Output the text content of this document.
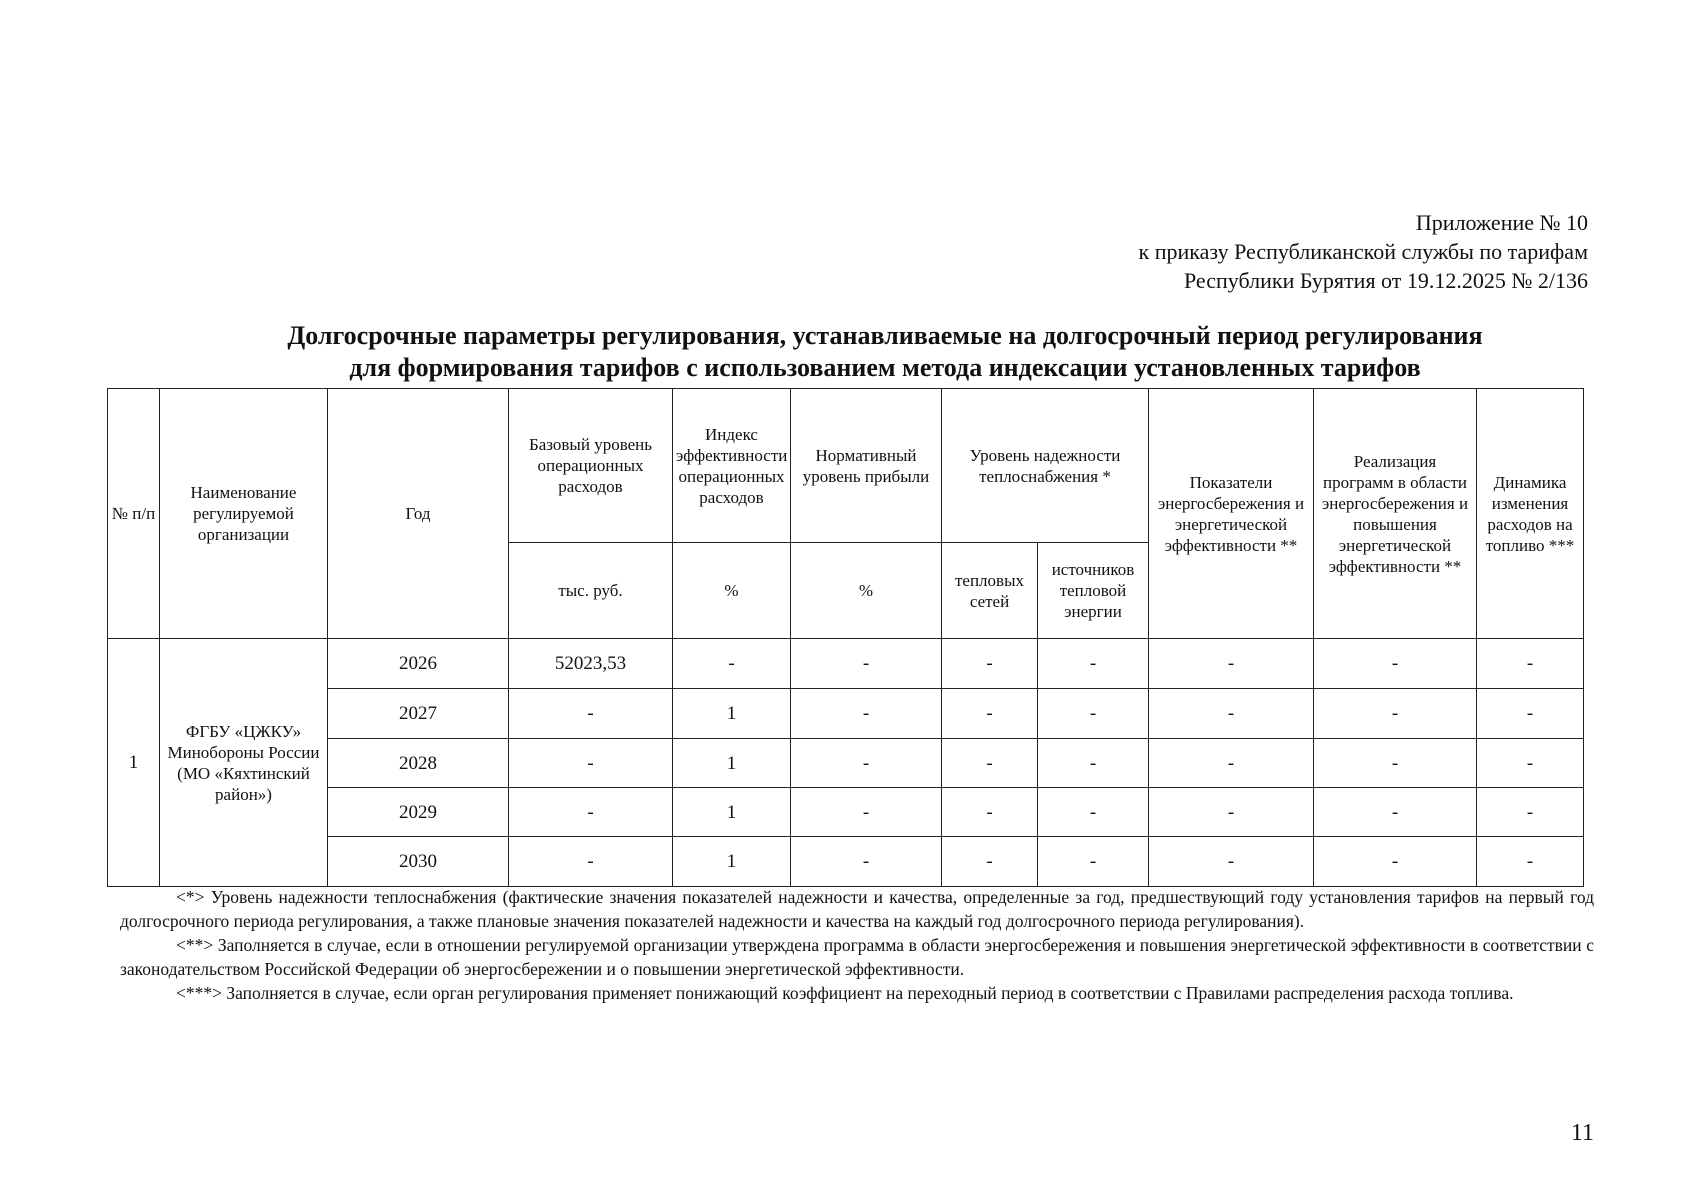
Приложение № 10
к приказу Республиканской службы по тарифам
Республики Бурятия от 19.12.2025 № 2/136
Долгосрочные параметры регулирования, устанавливаемые на долгосрочный период регулирования
для формирования тарифов с использованием метода индексации установленных тарифов
№ п/п	Наименование регулируемой организации	Год	Базовый уровень операционных расходов	Индекс эффективности операционных расходов	Нормативный уровень прибыли	Уровень надежности теплоснабжения *		Показатели энергосбережения и энергетической эффективности **	Реализация программ в области энергосбережения и повышения энергетической эффективности **	Динамика изменения расходов на топливо ***
			тыс. руб.	%	%	тепловых сетей	источников тепловой энергии			
1	ФГБУ «ЦЖКУ» Минобороны России (МО «Кяхтинский район»)	2026	52023,53	-	-	-	-	-	-	-
		2027	-	1	-	-	-	-	-	-
		2028	-	1	-	-	-	-	-	-
		2029	-	1	-	-	-	-	-	-
		2030	-	1	-	-	-	-	-	-

<*> Уровень надежности теплоснабжения (фактические значения показателей надежности и качества, определенные за год, предшествующий году установления тарифов на первый год долгосрочного периода регулирования, а также плановые значения показателей надежности и качества на каждый год долгосрочного периода регулирования).

<**> Заполняется в случае, если в отношении регулируемой организации утверждена программа в области энергосбережения и повышения энергетической эффективности в соответствии с законодательством Российской Федерации об энергосбережении и о повышении энергетической эффективности.

<***> Заполняется в случае, если орган регулирования применяет понижающий коэффициент на переходный период в соответствии с Правилами распределения расхода топлива.

11
